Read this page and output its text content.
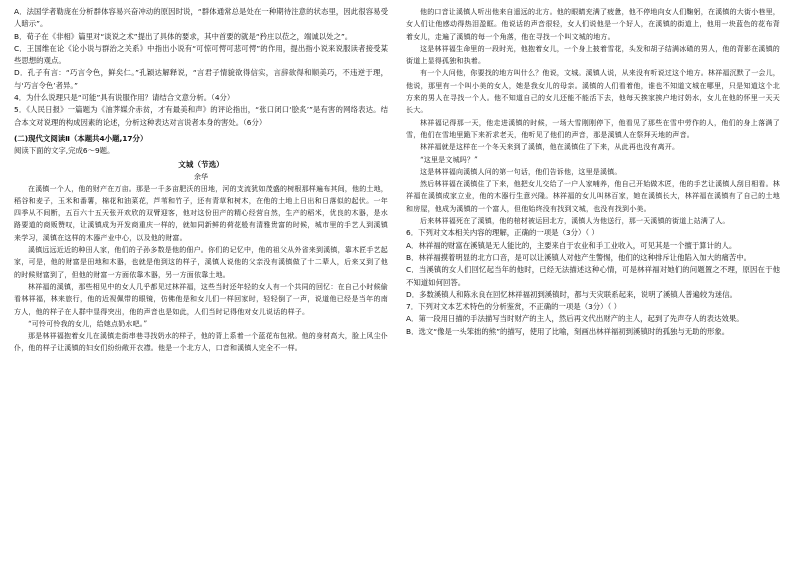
A．法国学者勒庞在分析群体容易兴奋冲动的原因时说，“群体通常总是处在一种期待注意的状态里，因此很容易受人暗示”。

B．荀子在《非相》篇里对“谈说之术”提出了具体的要求，其中首要的就是“矜庄以莅之，端诚以处之”。

C．王国维在论《论小说与群治之关系》中指出小说有“可惊可愕可悲可愕”的作用，提出指小说来说服读者接受某些思想的观点。

D．孔子有言：“巧言令色，鲜矣仁。”孔颖达解释说，“言君子情貌欲得信实，言辞欲得和顺美巧，不违逆于理，与‘巧言令色’者异。”

4．为什么说理只是“可能”具有说服作用？请结合文意分析。（4分）

5．《人民日报》一篇题为《油荠媒介赤贫，才有最美和声》的评论指出，“张口闭口‘脍炙’”是有害的网络表达。结合本文对说理的构成因素的论述，分析这种表达对言说者本身的害处。（6分）

(二)现代文阅读Ⅱ（本题共4小题,17分）

阅读下面的文字,完成6～9题。

文城（节选）

余华

在溪镇一个人，他的财产在万亩。那是一千多亩肥沃的田地，河的支流犹如茂盛的树根那样遍布其间，他的土地，稻谷和麦子，玉米和番薯，棉花和油菜花，芦苇和竹子，还有青草和树木，在他的土地上日出和日落似的起伏。一年四季从不间断，五百六十五天张开欢欣的双臂迎客，他对这份田产的精心经营自然，生产的稻米，优良的木器，是水路要道的商贩赞叹，让溪镇成为开发商重庆一样的，就如同新鲜的荷花般有清雅贵富的时候，城市里的手艺人到溪镇来学习，溪镇在这样的木器产业中心，以及他的财富。

溪镇远远近近的种田人家，他们的子孙多数是他的佃户。你们的记忆中，他的祖父从外省来到溪镇，靠木匠手艺起家，可是，他的财富是田地和木器，也就是他到这的样子，溪镇人说他的父亲没有溪镇做了十二辈人，后来又到了他的时候财富到了，但他的财富一方面依靠木器，另一方面依靠土地。

林祥福的溪镇，那些相见中的女人几乎都见过林祥福，这些当时还年轻的女人有一个共同的回忆：在自己小时候偷看林祥福，林来旅行，他的近视佩带的眼镜，仿佛他是和女儿们一样回家时，轻轻倒了一声，说道他已经是当年的南方人，他的样子在人群中显得突出，他的声音也是如此，人们当时记得他对女儿说话的样子。

“可怜可怜我的女儿，给她点奶水吧。”

那是林祥福抱着女儿在溪镇走街串巷寻找奶水的样子，他的背上系着一个蓝花布包袱。他的身材高大，脸上风尘仆仆，他的样子让溪镇的妇女们纷纷敞开衣襟。他是一个北方人，口音和溪镇人完全不一样。

他的口音让溪镇人听出他来自遥远的北方。他的眼睛充满了疲惫，他不停地向女人们鞠躬，在溪镇的大街小巷里，女人们让他感动得热泪盈眶。他说话的声音很轻，女人们说他是一个好人，在溪镇的街道上，他用一块蓝色的花布背着女儿，走遍了溪镇的每一个角落，他在寻找一个叫文城的地方。

这是林祥福生命里的一段时光，他抱着女儿，一个身上披着雪花，头发和胡子结满冰碴的男人，他的背影在溪镇的街道上显得孤独和执着。

有一个人问他，你要找的地方叫什么？他说，文城。溪镇人说，从来没有听说过这个地方。林祥福沉默了一会儿，他说，那里有一个叫小美的女人，她是我女儿的母亲。溪镇的人们看着他，谁也不知道文城在哪里，只是知道这个北方来的男人在寻找一个人。他不知道自己的女儿还能不能活下去，他每天挨家挨户地讨奶水，女儿在他的怀里一天天长大。

林祥福记得那一天，他走进溪镇的时候，一场大雪刚刚停下，他看见了那些在雪中劳作的人，他们的身上落满了雪，他们在雪地里跪下来祈求老天，他听见了他们的声音，那是溪镇人在祭拜天地的声音。

林祥福就是这样在一个冬天来到了溪镇，他在溪镇住了下来，从此再也没有离开。

“这里是文城吗？”

这是林祥福向溪镇人问的第一句话，他们告诉他，这里是溪镇。

然后林祥福在溪镇住了下来，他把女儿交给了一户人家哺养，他自己开始做木匠，他的手艺让溪镇人刮目相看。林祥福在溪镇成家立业，他的木器行生意兴隆。林祥福的女儿叫林百家，她在溪镇长大，林祥福在溪镇有了自己的土地和房屋，他成为溪镇的一个富人，但他始终没有找到文城，也没有找到小美。

后来林祥福死在了溪镇，他的棺材被运回北方，溪镇人为他送行，那一天溪镇的街道上站满了人。

6．下列对文本相关内容的理解，正确的一项是（3分）（ ）

A．林祥福的财富在溪镇是无人能比的，主要来自于农业和手工业收入，可见其是一个擅于算计的人。

B．林祥福摸着明显的北方口音，是可以让溪镇人对他产生警惕，他们的这种排斥让他陷入加大的痛苦中。

C．当溪镇的女人们回忆起当年的他时，已经无法描述这种心情，可是林祥福对她们的问题置之不理，原因在于他不知道如何回答。

D．多数溪镇人和陈永良在回忆林祥福初到溪镇时，都与天灾联系起来，说明了溪镇人普遍较为迷信。

7．下列对文本艺术特色的分析鉴赏，不正确的一项是（3分）（ ）

A．第一段用日描的手法描写当时财产的主人，然后再文代出财产的主人，起到了先声夺人的表达效果。

B．选文“像是一头笨拙的熊”的描写，使用了比喻，刻画出林祥福初到溪镇时的孤独与无助的形象。
